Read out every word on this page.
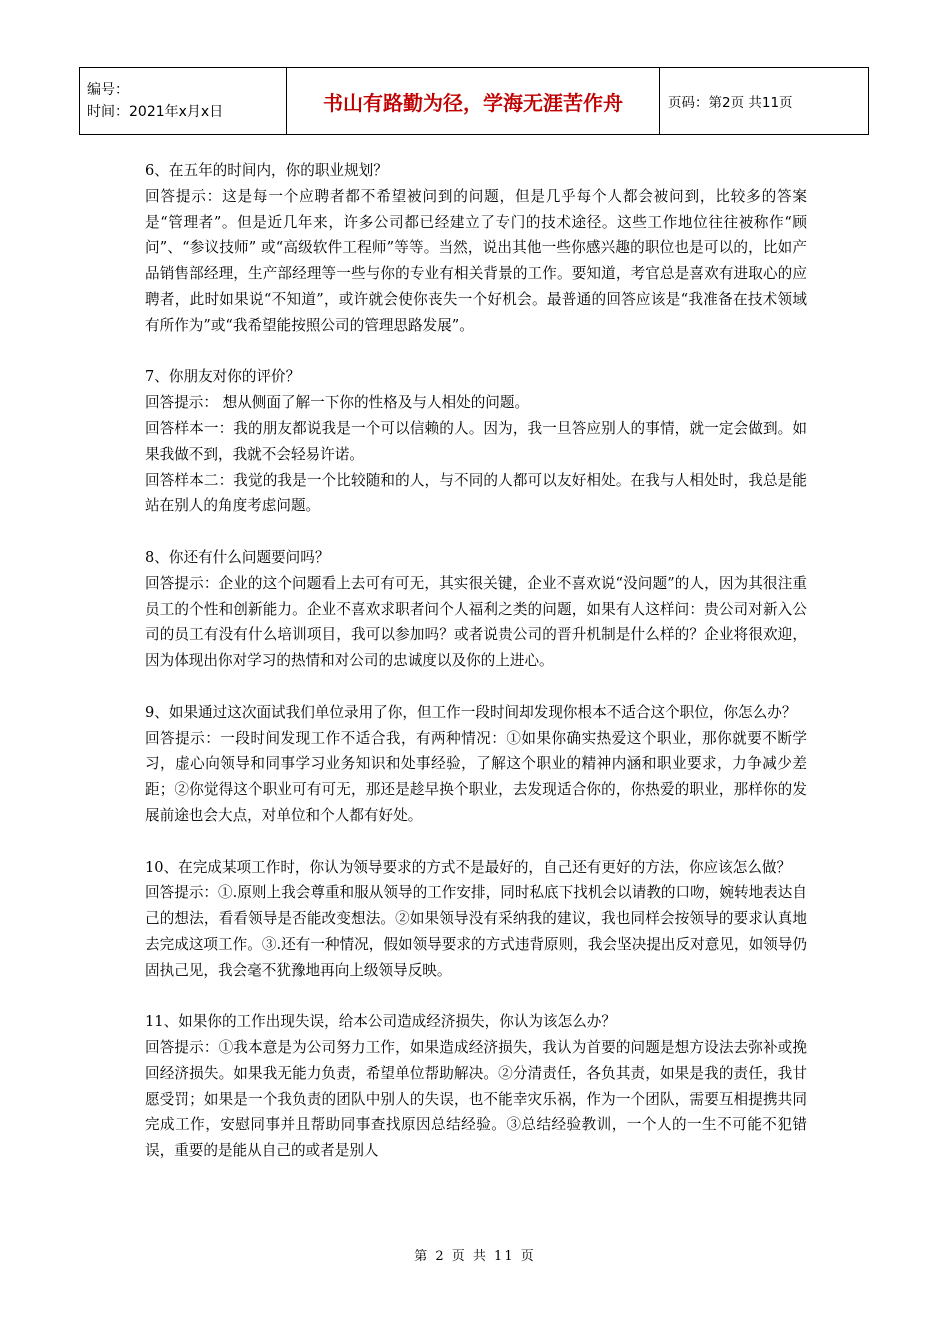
编号：
时间：2021年x月x日	书山有路勤为径，学海无涯苦作舟	页码：第2页 共11页

6、在五年的时间内，你的职业规划？

回答提示：这是每一个应聘者都不希望被问到的问题，但是几乎每个人都会被问到，比较多的答案是“管理者”。但是近几年来，许多公司都已经建立了专门的技术途径。这些工作地位往往被称作“顾问”、“参议技师” 或“高级软件工程师”等等。当然，说出其他一些你感兴趣的职位也是可以的，比如产品销售部经理，生产部经理等一些与你的专业有相关背景的工作。要知道，考官总是喜欢有进取心的应聘者，此时如果说“不知道”，或许就会使你丧失一个好机会。最普通的回答应该是“我准备在技术领域有所作为”或“我希望能按照公司的管理思路发展”。

7、你朋友对你的评价？

回答提示： 想从侧面了解一下你的性格及与人相处的问题。

回答样本一：我的朋友都说我是一个可以信赖的人。因为，我一旦答应别人的事情，就一定会做到。如果我做不到，我就不会轻易许诺。

回答样本二：我觉的我是一个比较随和的人，与不同的人都可以友好相处。在我与人相处时，我总是能站在别人的角度考虑问题。

8、你还有什么问题要问吗？

回答提示：企业的这个问题看上去可有可无，其实很关键，企业不喜欢说“没问题”的人，因为其很注重员工的个性和创新能力。企业不喜欢求职者问个人福利之类的问题，如果有人这样问：贵公司对新入公司的员工有没有什么培训项目，我可以参加吗？或者说贵公司的晋升机制是什么样的？企业将很欢迎，因为体现出你对学习的热情和对公司的忠诚度以及你的上进心。

9、如果通过这次面试我们单位录用了你，但工作一段时间却发现你根本不适合这个职位，你怎么办？

回答提示：一段时间发现工作不适合我，有两种情况：①如果你确实热爱这个职业，那你就要不断学习，虚心向领导和同事学习业务知识和处事经验，了解这个职业的精神内涵和职业要求，力争减少差距；②你觉得这个职业可有可无，那还是趁早换个职业，去发现适合你的，你热爱的职业，那样你的发展前途也会大点，对单位和个人都有好处。

10、在完成某项工作时，你认为领导要求的方式不是最好的，自己还有更好的方法，你应该怎么做？

回答提示：①.原则上我会尊重和服从领导的工作安排，同时私底下找机会以请教的口吻，婉转地表达自己的想法，看看领导是否能改变想法。②如果领导没有采纳我的建议，我也同样会按领导的要求认真地去完成这项工作。③.还有一种情况，假如领导要求的方式违背原则，我会坚决提出反对意见，如领导仍固执己见，我会毫不犹豫地再向上级领导反映。

11、如果你的工作出现失误，给本公司造成经济损失，你认为该怎么办？

回答提示：①我本意是为公司努力工作，如果造成经济损失，我认为首要的问题是想方设法去弥补或挽回经济损失。如果我无能力负责，希望单位帮助解决。②分清责任，各负其责，如果是我的责任，我甘愿受罚；如果是一个我负责的团队中别人的失误，也不能幸灾乐祸，作为一个团队，需要互相提携共同完成工作，安慰同事并且帮助同事查找原因总结经验。③总结经验教训，一个人的一生不可能不犯错误，重要的是能从自己的或者是别人

第 2 页 共 11 页
